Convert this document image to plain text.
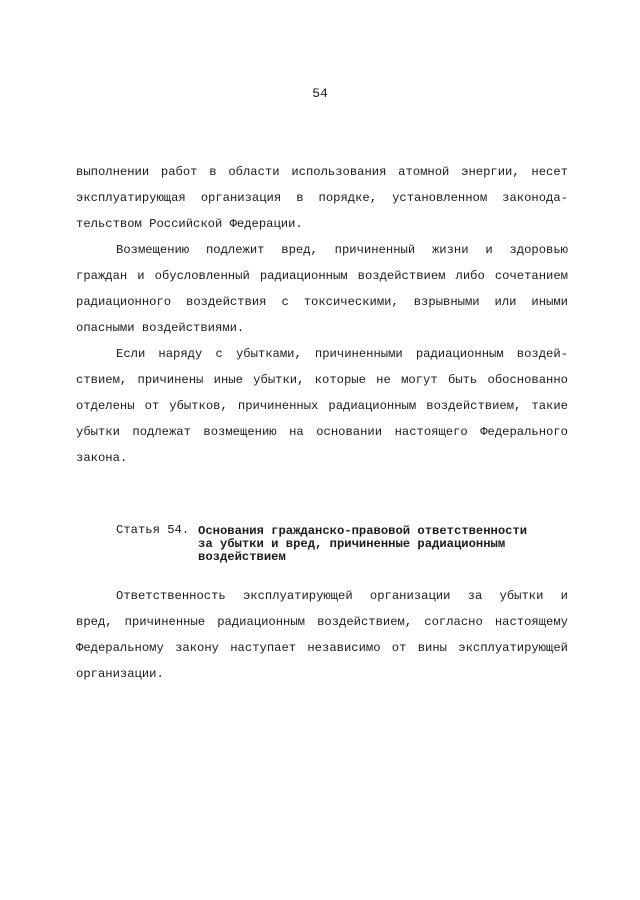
54
выполнении работ в области использования атомной энергии, несет
эксплуатирующая организация в порядке, установленном законода-
тельством Российской Федерации.
Возмещению подлежит вред, причиненный жизни и здоровью
граждан и обусловленный радиационным воздействием либо сочетанием
радиационного воздействия с токсическими, взрывными или иными
опасными воздействиями.
Если наряду с убытками, причиненными радиационным воздей-
ствием, причинены иные убытки, которые не могут быть обоснованно
отделены от убытков, причиненных радиационным воздействием, такие
убытки подлежат возмещению на основании настоящего Федерального
закона.
Статья 54. Основания гражданско-правовой ответственности
за убытки и вред, причиненные радиационным
воздействием
Ответственность эксплуатирующей организации за убытки и
вред, причиненные радиационным воздействием, согласно настоящему
Федеральному закону наступает независимо от вины эксплуатирующей
организации.
